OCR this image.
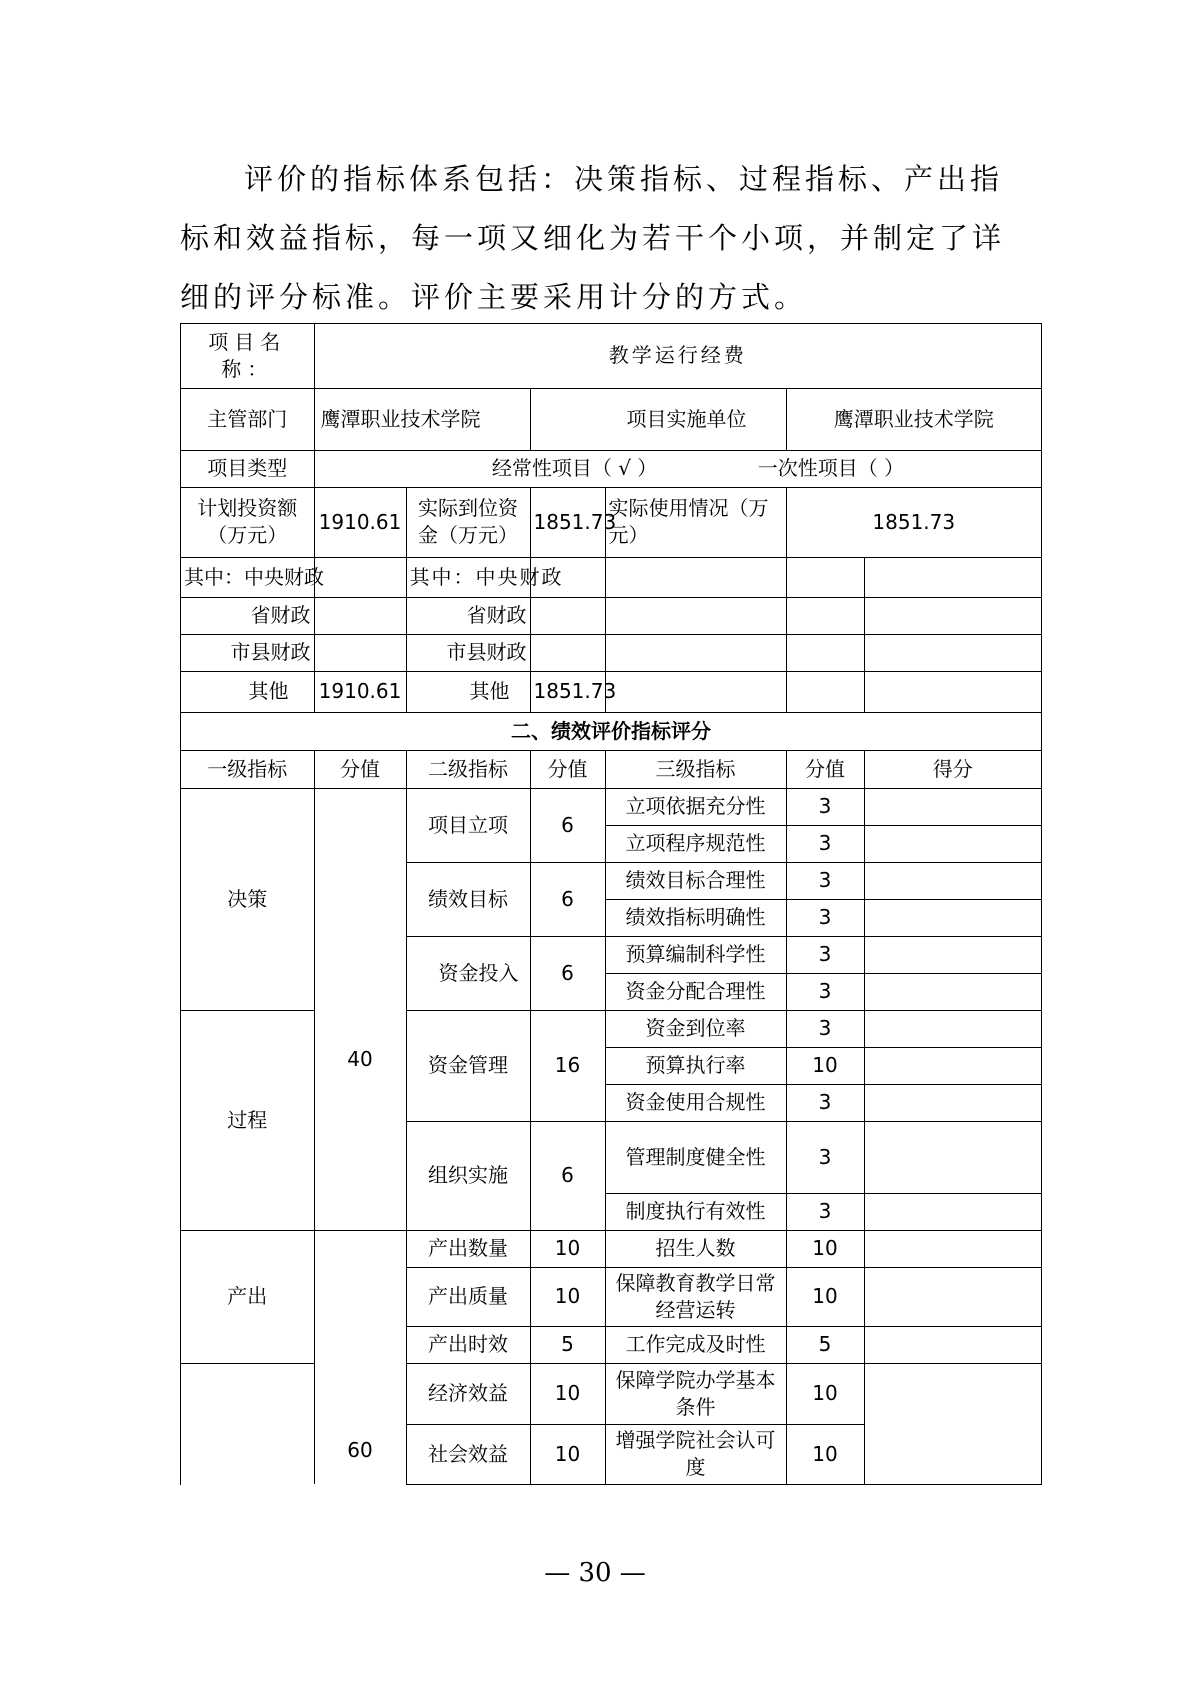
评价的指标体系包括：决策指标、过程指标、产出指标和效益指标，每一项又细化为若干个小项，并制定了详细的评分标准。评价主要采用计分的方式。

项目名称：	教学运行经费					
主管部门	鹰潭职业技术学院		项目实施单位		鹰潭职业技术学院	
项目类型	经常性项目（ √ ） 一次性项目（ ）					
计划投资额（万元）	1910.61	实际到位资金（万元）	1851.73	实际使用情况（万元）	1851.73	
其中：中央财政		其中：中央财政				
省财政		省财政				
市县财政		市县财政				
其他	1910.61	其他	1851.73			
二、绩效评价指标评分						
一级指标	分值	二级指标	分值	三级指标	分值	得分
决策	40	项目立项	6	立项依据充分性	3	
				立项程序规范性	3	
		绩效目标	6	绩效目标合理性	3	
				绩效指标明确性	3	
		资金投入	6	预算编制科学性	3	
				资金分配合理性	3	
过程		资金管理	16	资金到位率	3	
				预算执行率	10	
				资金使用合规性	3	
		组织实施	6	管理制度健全性	3	
				制度执行有效性	3	
产出	60	产出数量	10	招生人数	10	
		产出质量	10	保障教育教学日常经营运转	10	
		产出时效	5	工作完成及时性	5	
		经济效益	10	保障学院办学基本条件	10	
		社会效益	10	增强学院社会认可度	10	
— 30 —
